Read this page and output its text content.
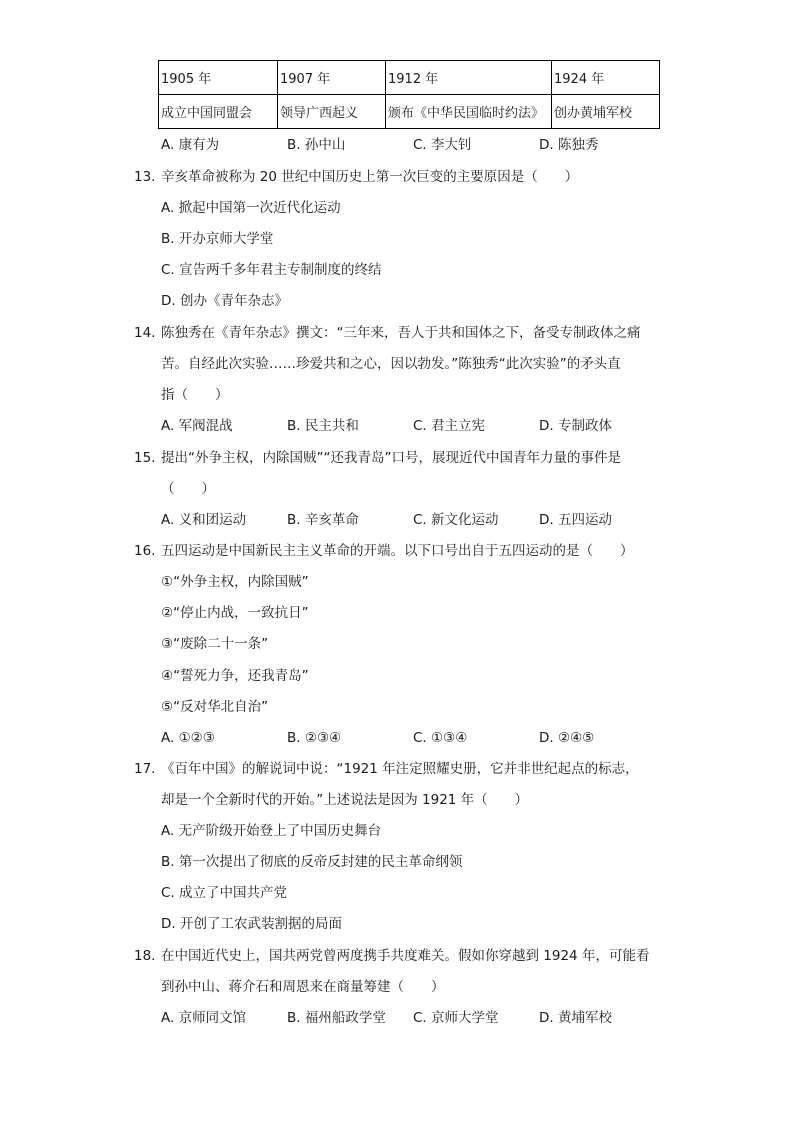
1905 年	1907 年	1912 年	1924 年
成立中国同盟会	领导广西起义	颁布《中华民国临时约法》	创办黄埔军校
A. 康有为	B. 孙中山	C. 李大钊	D. 陈独秀
13. 辛亥革命被称为 20 世纪中国历史上第一次巨变的主要原因是（　　）
A. 掀起中国第一次近代化运动
B. 开办京师大学堂
C. 宣告两千多年君主专制制度的终结
D. 创办《青年杂志》
14. 陈独秀在《青年杂志》撰文：“三年来，吾人于共和国体之下，备受专制政体之痛
苦。自经此次实验……珍爱共和之心，因以勃发。”陈独秀“此次实验”的矛头直
指（　　）
A. 军阀混战	B. 民主共和	C. 君主立宪	D. 专制政体
15. 提出“外争主权，内除国贼”“还我青岛”口号，展现近代中国青年力量的事件是
（　　）
A. 义和团运动	B. 辛亥革命	C. 新文化运动	D. 五四运动
16. 五四运动是中国新民主主义革命的开端。以下口号出自于五四运动的是（　　）
①“外争主权，内除国贼”
②“停止内战，一致抗日”
③“废除二十一条”
④“誓死力争，还我青岛”
⑤“反对华北自治”
A. ①②③	B. ②③④	C. ①③④	D. ②④⑤
17. 《百年中国》的解说词中说：“1921 年注定照耀史册，它并非世纪起点的标志，
却是一个全新时代的开始。”上述说法是因为 1921 年（　　）
A. 无产阶级开始登上了中国历史舞台
B. 第一次提出了彻底的反帝反封建的民主革命纲领
C. 成立了中国共产党
D. 开创了工农武装割据的局面
18. 在中国近代史上，国共两党曾两度携手共度难关。假如你穿越到 1924 年，可能看
到孙中山、蒋介石和周恩来在商量筹建（　　）
A. 京师同文馆	B. 福州船政学堂 C. 京师大学堂	D. 黄埔军校
